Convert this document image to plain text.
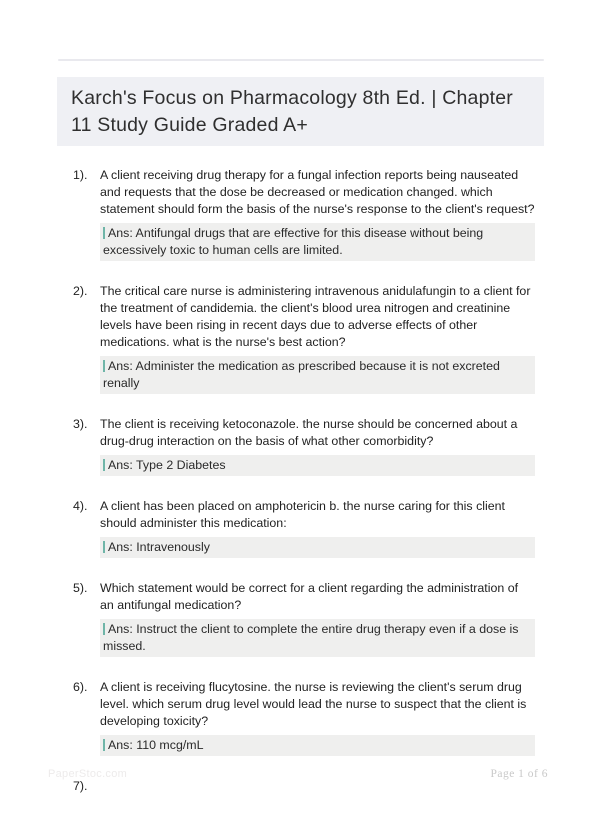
Karch's Focus on Pharmacology 8th Ed. | Chapter 11 Study Guide Graded A+
1).	A client receiving drug therapy for a fungal infection reports being nauseated and requests that the dose be decreased or medication changed. which statement should form the basis of the nurse's response to the client's request?
Ans: Antifungal drugs that are effective for this disease without being excessively toxic to human cells are limited.
2).	The critical care nurse is administering intravenous anidulafungin to a client for the treatment of candidemia. the client's blood urea nitrogen and creatinine levels have been rising in recent days due to adverse effects of other medications. what is the nurse's best action?
Ans: Administer the medication as prescribed because it is not excreted renally
3).	The client is receiving ketoconazole. the nurse should be concerned about a drug-drug interaction on the basis of what other comorbidity?
Ans: Type 2 Diabetes
4).	A client has been placed on amphotericin b. the nurse caring for this client should administer this medication:
Ans: Intravenously
5).	Which statement would be correct for a client regarding the administration of an antifungal medication?
Ans: Instruct the client to complete the entire drug therapy even if a dose is missed.
6).	A client is receiving flucytosine. the nurse is reviewing the client's serum drug level. which serum drug level would lead the nurse to suspect that the client is developing toxicity?
Ans: 110 mcg/mL
7).
PaperStoc.com	Page 1 of 6
